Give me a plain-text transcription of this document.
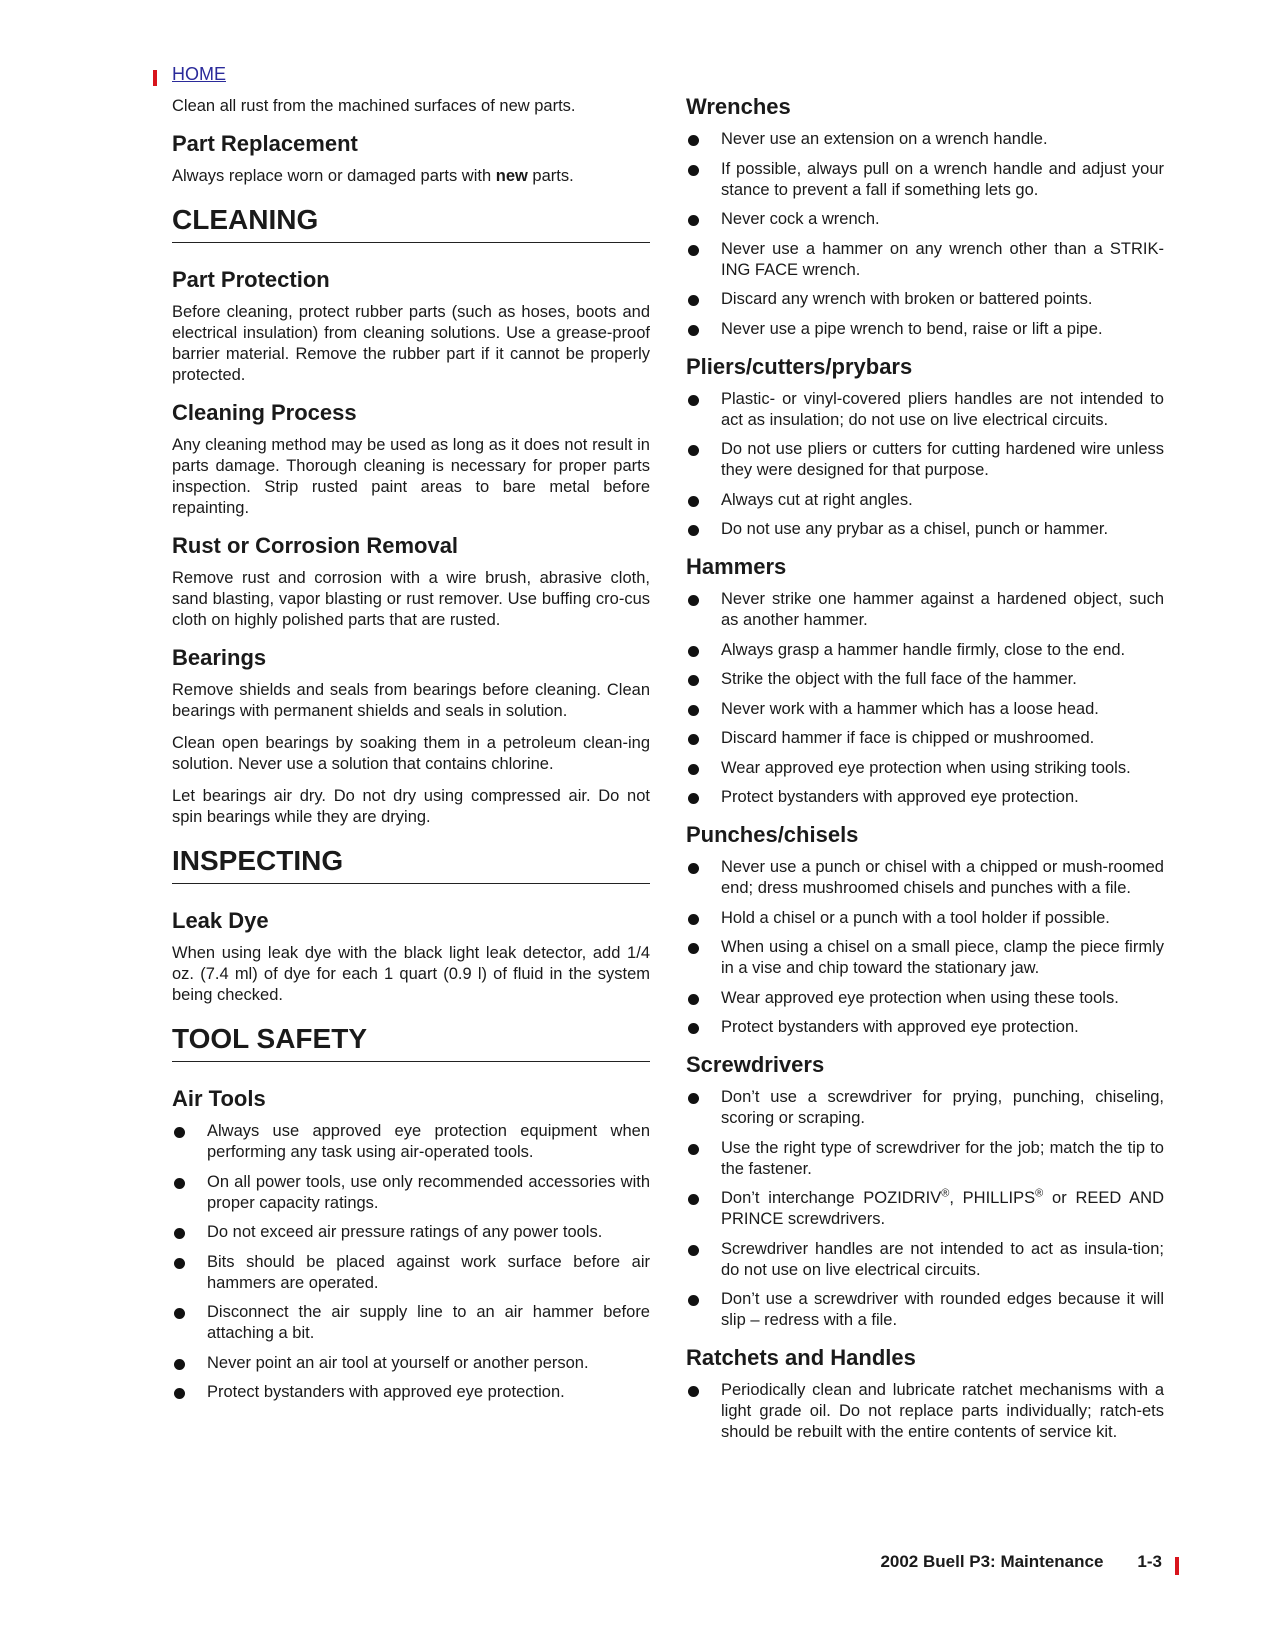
HOME

Clean all rust from the machined surfaces of new parts.

Part Replacement

Always replace worn or damaged parts with new parts.

CLEANING
Part Protection

Before cleaning, protect rubber parts (such as hoses, boots and electrical insulation) from cleaning solutions. Use a grease-proof barrier material. Remove the rubber part if it cannot be properly protected.

Cleaning Process

Any cleaning method may be used as long as it does not result in parts damage. Thorough cleaning is necessary for proper parts inspection. Strip rusted paint areas to bare metal before repainting.

Rust or Corrosion Removal

Remove rust and corrosion with a wire brush, abrasive cloth, sand blasting, vapor blasting or rust remover. Use buffing cro-cus cloth on highly polished parts that are rusted.

Bearings

Remove shields and seals from bearings before cleaning. Clean bearings with permanent shields and seals in solution.

Clean open bearings by soaking them in a petroleum clean-ing solution. Never use a solution that contains chlorine.

Let bearings air dry. Do not dry using compressed air. Do not spin bearings while they are drying.

INSPECTING
Leak Dye

When using leak dye with the black light leak detector, add 1/4 oz. (7.4 ml) of dye for each 1 quart (0.9 l) of fluid in the system being checked.

TOOL SAFETY
Air Tools
Always use approved eye protection equipment when performing any task using air-operated tools.
On all power tools, use only recommended accessories with proper capacity ratings.
Do not exceed air pressure ratings of any power tools.
Bits should be placed against work surface before air hammers are operated.
Disconnect the air supply line to an air hammer before attaching a bit.
Never point an air tool at yourself or another person.
Protect bystanders with approved eye protection.
Wrenches
Never use an extension on a wrench handle.
If possible, always pull on a wrench handle and adjust your stance to prevent a fall if something lets go.
Never cock a wrench.
Never use a hammer on any wrench other than a STRIK-ING FACE wrench.
Discard any wrench with broken or battered points.
Never use a pipe wrench to bend, raise or lift a pipe.
Pliers/cutters/prybars
Plastic- or vinyl-covered pliers handles are not intended to act as insulation; do not use on live electrical circuits.
Do not use pliers or cutters for cutting hardened wire unless they were designed for that purpose.
Always cut at right angles.
Do not use any prybar as a chisel, punch or hammer.
Hammers
Never strike one hammer against a hardened object, such as another hammer.
Always grasp a hammer handle firmly, close to the end.
Strike the object with the full face of the hammer.
Never work with a hammer which has a loose head.
Discard hammer if face is chipped or mushroomed.
Wear approved eye protection when using striking tools.
Protect bystanders with approved eye protection.
Punches/chisels
Never use a punch or chisel with a chipped or mush-roomed end; dress mushroomed chisels and punches with a file.
Hold a chisel or a punch with a tool holder if possible.
When using a chisel on a small piece, clamp the piece firmly in a vise and chip toward the stationary jaw.
Wear approved eye protection when using these tools.
Protect bystanders with approved eye protection.
Screwdrivers
Don’t use a screwdriver for prying, punching, chiseling, scoring or scraping.
Use the right type of screwdriver for the job; match the tip to the fastener.
Don’t interchange POZIDRIV®, PHILLIPS® or REED AND PRINCE screwdrivers.
Screwdriver handles are not intended to act as insula-tion; do not use on live electrical circuits.
Don’t use a screwdriver with rounded edges because it will slip – redress with a file.
Ratchets and Handles
Periodically clean and lubricate ratchet mechanisms with a light grade oil. Do not replace parts individually; ratch-ets should be rebuilt with the entire contents of service kit.
2002 Buell P3: Maintenance 1-3
